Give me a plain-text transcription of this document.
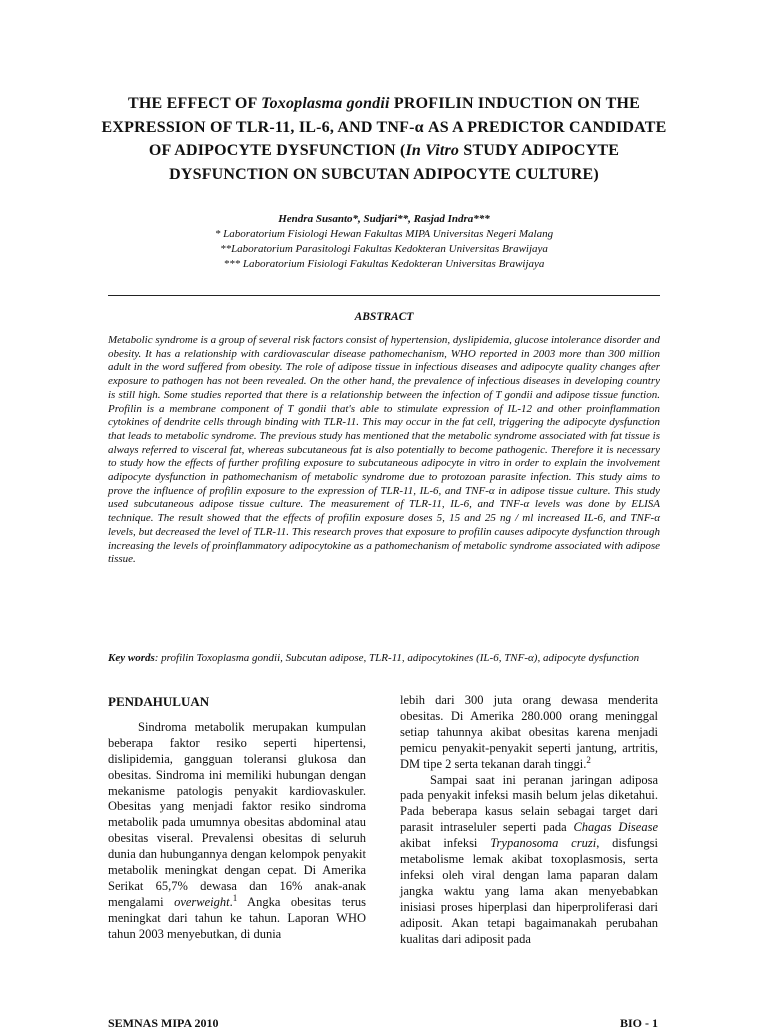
THE EFFECT OF Toxoplasma gondii PROFILIN INDUCTION ON THE EXPRESSION OF TLR-11, IL-6, AND TNF-α AS A PREDICTOR CANDIDATE OF ADIPOCYTE DYSFUNCTION (In Vitro STUDY ADIPOCYTE DYSFUNCTION ON SUBCUTAN ADIPOCYTE CULTURE)
Hendra Susanto*, Sudjari**, Rasjad Indra***
* Laboratorium Fisiologi Hewan Fakultas MIPA Universitas Negeri Malang
**Laboratorium Parasitologi Fakultas Kedokteran Universitas Brawijaya
*** Laboratorium Fisiologi Fakultas Kedokteran Universitas Brawijaya
ABSTRACT
Metabolic syndrome is a group of several risk factors consist of hypertension, dyslipidemia, glucose intolerance disorder and obesity. It has a relationship with cardiovascular disease pathomechanism, WHO reported in 2003 more than 300 million adult in the word suffered from obesity. The role of adipose tissue in infectious diseases and adipocyte quality changes after exposure to pathogen has not been revealed. On the other hand, the prevalence of infectious diseases in developing country is still high. Some studies reported that there is a relationship between the infection of T gondii and adipose tissue function. Profilin is a membrane component of T gondii that's able to stimulate expression of IL-12 and other proinflammation cytokines of dendrite cells through binding with TLR-11. This may occur in the fat cell, triggering the adipocyte dysfunction that leads to metabolic syndrome. The previous study has mentioned that the metabolic syndrome associated with fat tissue is always referred to visceral fat, whereas subcutaneous fat is also potentially to become pathogenic. Therefore it is necessary to study how the effects of further profiling exposure to subcutaneous adipocyte in vitro in order to explain the involvement adipocyte dysfunction in pathomechanism of metabolic syndrome due to protozoan parasite infection. This study aims to prove the influence of profilin exposure to the expression of TLR-11, IL-6, and TNF-α in adipose tissue culture. This study used subcutaneous adipose tissue culture. The measurement of TLR-11, IL-6, and TNF-α levels was done by ELISA technique. The result showed that the effects of profilin exposure doses 5, 15 and 25 ng / ml increased IL-6, and TNF-α levels, but decreased the level of TLR-11. This research proves that exposure to profilin causes adipocyte dysfunction through increasing the levels of proinflammatory adipocytokine as a pathomechanism of metabolic syndrome associated with adipose tissue.
Key words: profilin Toxoplasma gondii, Subcutan adipose, TLR-11, adipocytokines (IL-6, TNF-α), adipocyte dysfunction

PENDAHULUAN

Sindroma metabolik merupakan kumpulan beberapa faktor resiko seperti hipertensi, dislipidemia, gangguan toleransi glukosa dan obesitas. Sindroma ini memiliki hubungan dengan mekanisme patologis penyakit kardiovaskuler. Obesitas yang menjadi faktor resiko sindroma metabolik pada umumnya obesitas abdominal atau obesitas viseral. Prevalensi obesitas di seluruh dunia dan hubungannya dengan kelompok penyakit metabolik meningkat dengan cepat. Di Amerika Serikat 65,7% dewasa dan 16% anak-anak mengalami overweight.$^1$ Angka obesitas terus meningkat dari tahun ke tahun. Laporan WHO tahun 2003 menyebutkan, di dunia

lebih dari 300 juta orang dewasa menderita obesitas. Di Amerika 280.000 orang meninggal setiap tahunnya akibat obesitas karena menjadi pemicu penyakit-penyakit seperti jantung, artritis, DM tipe 2 serta tekanan darah tinggi.$^2$

Sampai saat ini peranan jaringan adiposa pada penyakit infeksi masih belum jelas diketahui. Pada beberapa kasus selain sebagai target dari parasit intraseluler seperti pada Chagas Disease akibat infeksi Trypanosoma cruzi, disfungsi metabolisme lemak akibat toxoplasmosis, serta infeksi oleh viral dengan lama paparan dalam jangka waktu yang lama akan menyebabkan inisiasi proses hiperplasi dan hiperproliferasi dari adiposit. Akan tetapi bagaimanakah perubahan kualitas dari adiposit pada

SEMNAS MIPA 2010	BIO - 1
